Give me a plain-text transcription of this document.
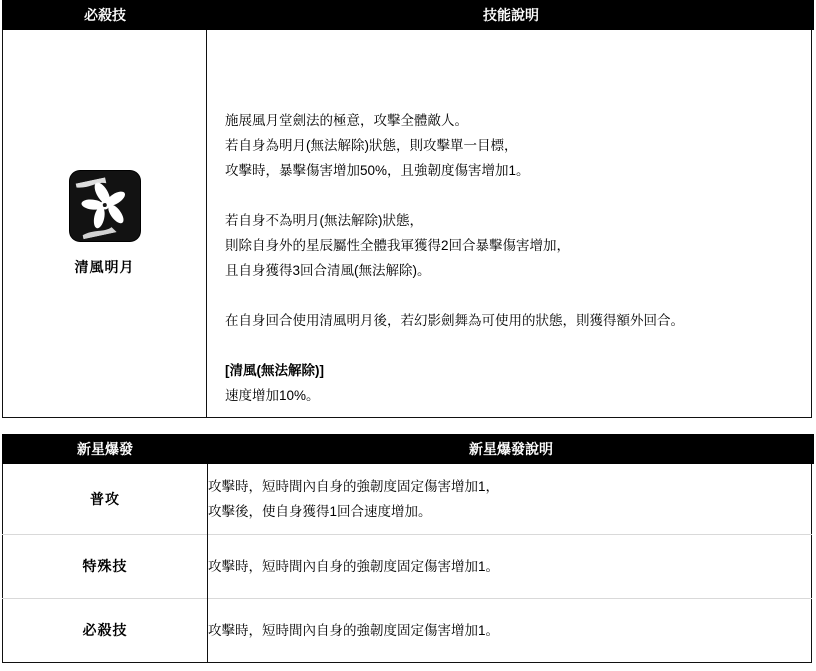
必殺技	技能說明
清風明月
施展風月堂劍法的極意，攻擊全體敵人。
若自身為明月(無法解除)狀態，則攻擊單一目標，
攻擊時，暴擊傷害增加50%，且強韌度傷害增加1。
若自身不為明月(無法解除)狀態，
則除自身外的星辰屬性全體我軍獲得2回合暴擊傷害增加，
且自身獲得3回合清風(無法解除)。
在自身回合使用清風明月後，若幻影劍舞為可使用的狀態，則獲得額外回合。
[清風(無法解除)]
速度增加10%。
新星爆發	新星爆發說明
普攻	攻擊時，短時間內自身的強韌度固定傷害增加1，
攻擊後，使自身獲得1回合速度增加。

特殊技	攻擊時，短時間內自身的強韌度固定傷害增加1。

必殺技	攻擊時，短時間內自身的強韌度固定傷害增加1。
